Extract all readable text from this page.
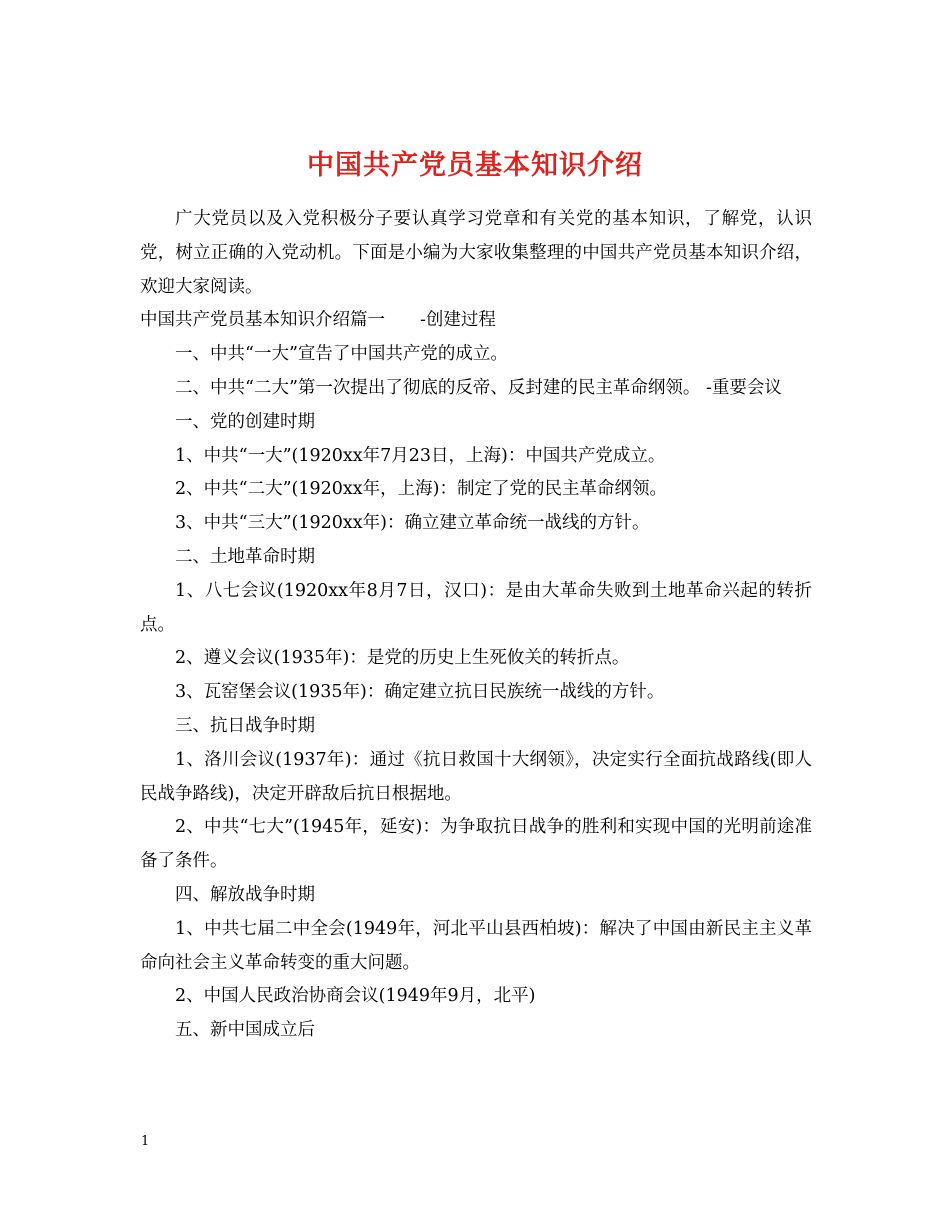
中国共产党员基本知识介绍

广大党员以及入党积极分子要认真学习党章和有关党的基本知识，了解党，认识党，树立正确的入党动机。下面是小编为大家收集整理的中国共产党员基本知识介绍，欢迎大家阅读。

中国共产党员基本知识介绍篇一　　-创建过程

一、中共“一大”宣告了中国共产党的成立。

二、中共“二大”第一次提出了彻底的反帝、反封建的民主革命纲领。 -重要会议

一、党的创建时期

1、中共“一大”(1920xx年7月23日，上海)：中国共产党成立。

2、中共“二大”(1920xx年，上海)：制定了党的民主革命纲领。

3、中共“三大”(1920xx年)：确立建立革命统一战线的方针。

二、土地革命时期

1、八七会议(1920xx年8月7日，汉口)：是由大革命失败到土地革命兴起的转折点。

2、遵义会议(1935年)：是党的历史上生死攸关的转折点。

3、瓦窑堡会议(1935年)：确定建立抗日民族统一战线的方针。

三、抗日战争时期

1、洛川会议(1937年)：通过《抗日救国十大纲领》，决定实行全面抗战路线(即人民战争路线)，决定开辟敌后抗日根据地。

2、中共“七大”(1945年，延安)：为争取抗日战争的胜利和实现中国的光明前途准备了条件。

四、解放战争时期

1、中共七届二中全会(1949年，河北平山县西柏坡)：解决了中国由新民主主义革命向社会主义革命转变的重大问题。

2、中国人民政治协商会议(1949年9月，北平)

五、新中国成立后

1
